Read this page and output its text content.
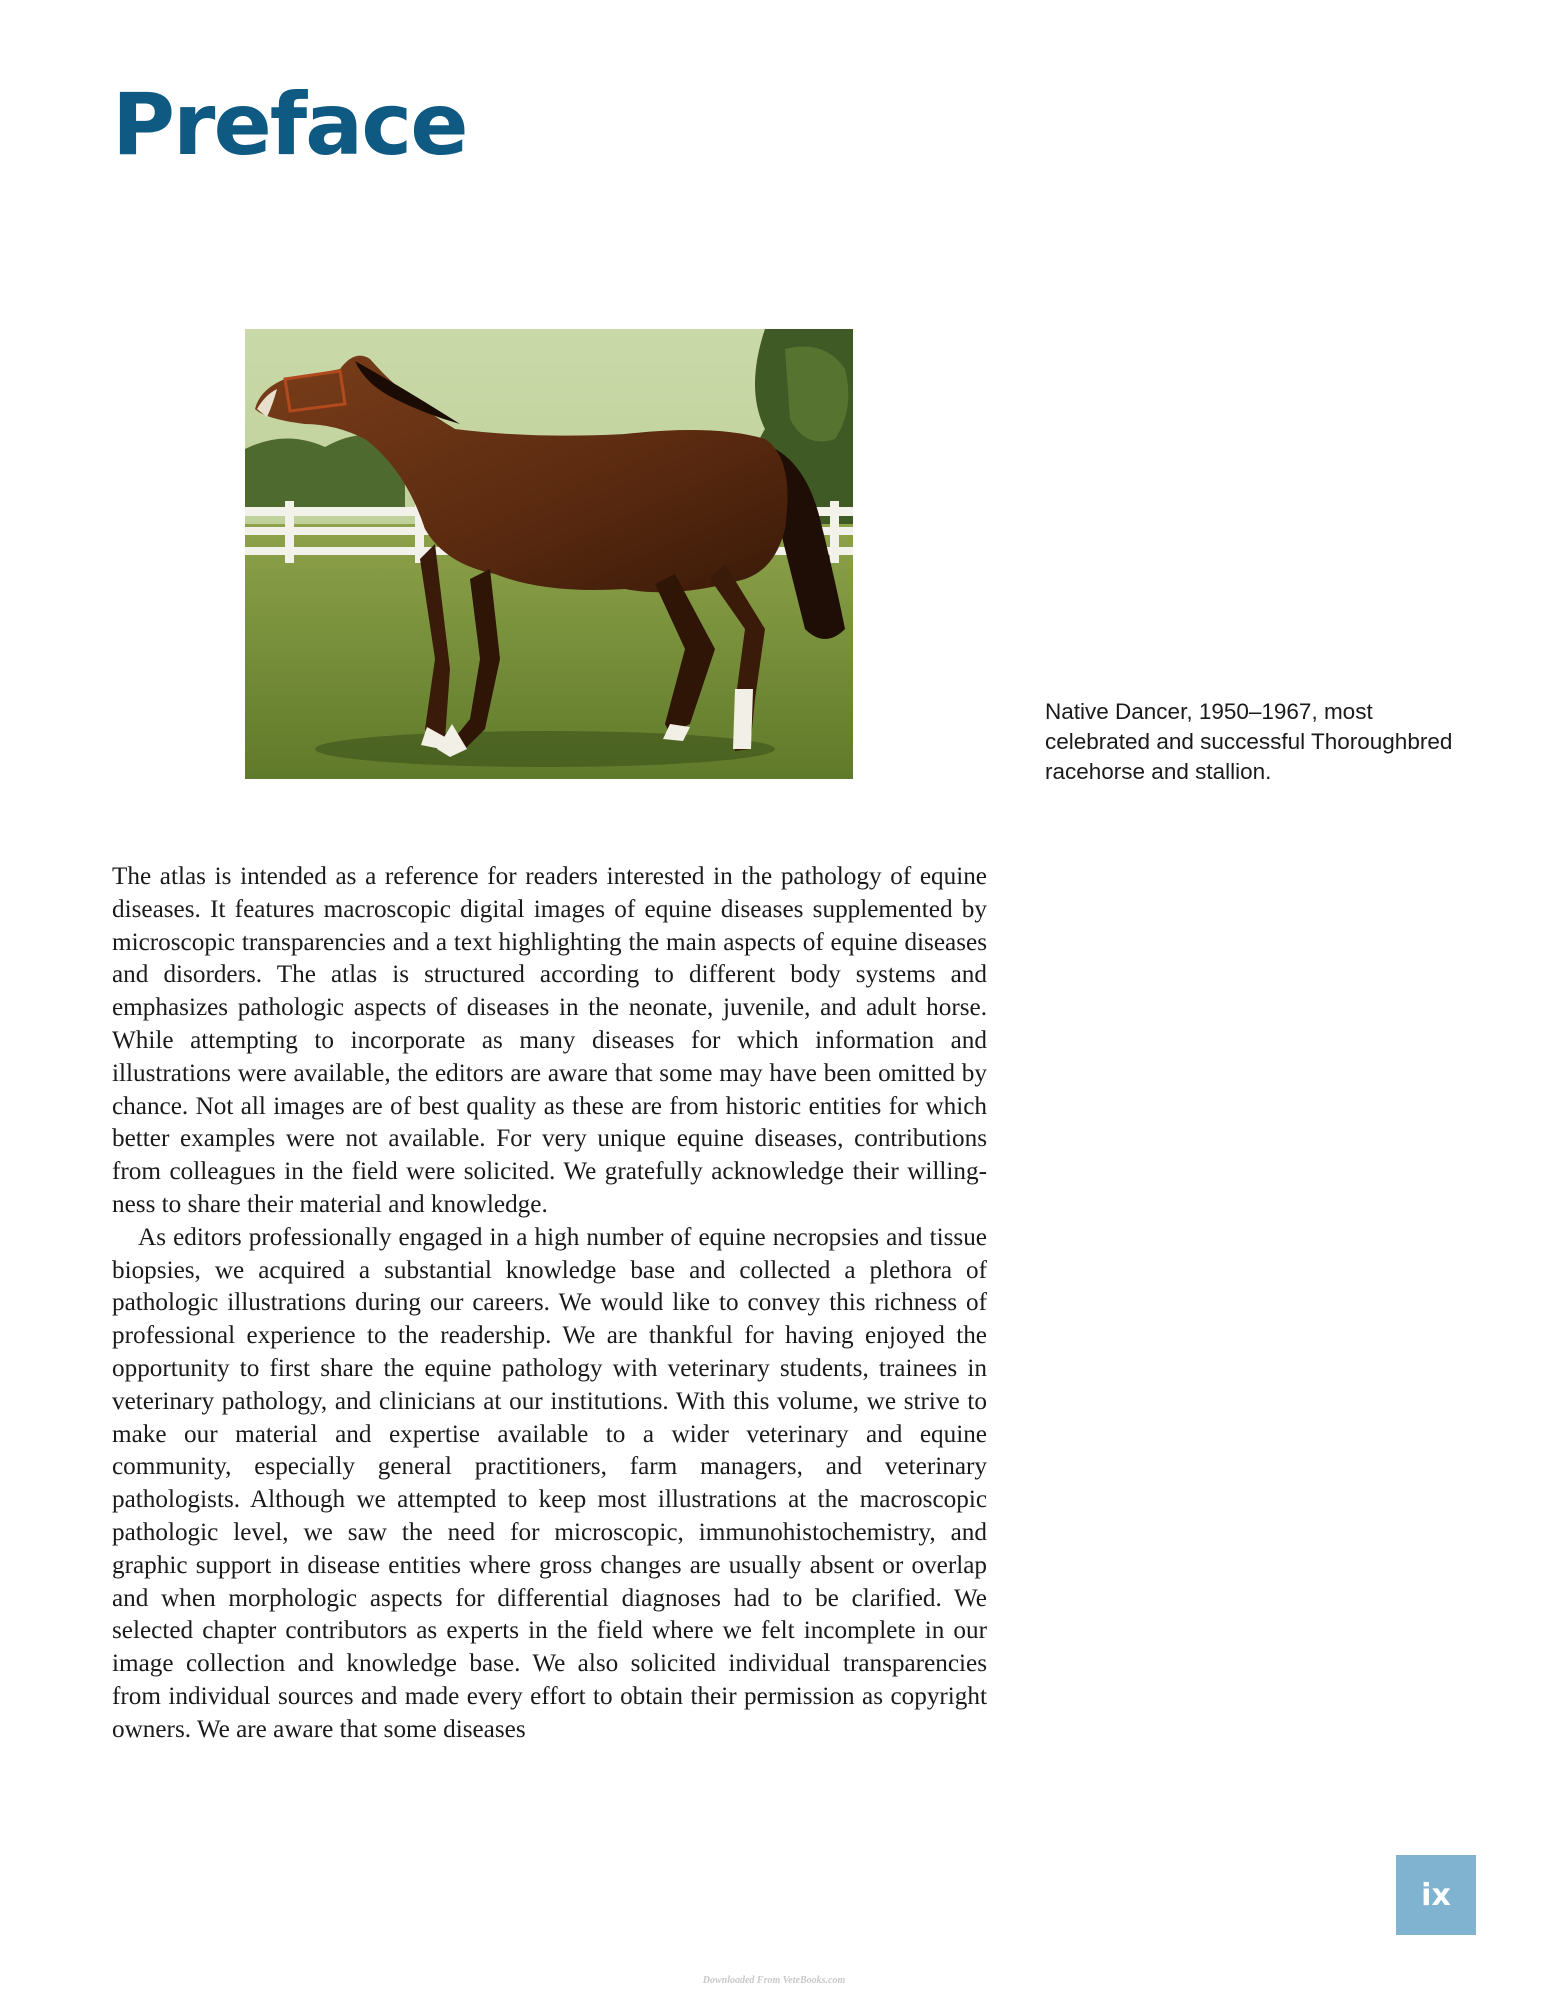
Preface

Native Dancer, 1950–1967, most celebrated and successful Thoroughbred racehorse and stallion.

The atlas is intended as a reference for readers interested in the pathology of equine diseases. It features macroscopic digital images of equine diseases supplemented by microscopic transparencies and a text highlighting the main aspects of equine diseases and disorders. The atlas is structured according to different body systems and emphasizes pathologic aspects of diseases in the neonate, juvenile, and adult horse. While attempting to incorporate as many diseases for which information and illustrations were available, the editors are aware that some may have been omitted by chance. Not all images are of best quality as these are from historic entities for which better examples were not available. For very unique equine diseases, contributions from colleagues in the field were solicited. We gratefully acknowledge their willingness to share their material and knowledge.

As editors professionally engaged in a high number of equine necropsies and tissue biopsies, we acquired a substantial knowledge base and collected a plethora of pathologic illustrations during our careers. We would like to convey this richness of professional experience to the readership. We are thankful for having enjoyed the opportunity to first share the equine pathology with veterinary students, trainees in veterinary pathology, and clinicians at our institutions. With this volume, we strive to make our material and expertise available to a wider veterinary and equine community, especially general practitioners, farm managers, and veterinary pathologists. Although we attempted to keep most illustrations at the macroscopic pathologic level, we saw the need for microscopic, immunohistochemistry, and graphic support in disease entities where gross changes are usually absent or overlap and when morphologic aspects for differential diagnoses had to be clarified. We selected chapter contributors as experts in the field where we felt incomplete in our image collection and knowledge base. We also solicited individual transparencies from individual sources and made every effort to obtain their permission as copyright owners. We are aware that some diseases

ix
Downloaded From VeteBooks.com
